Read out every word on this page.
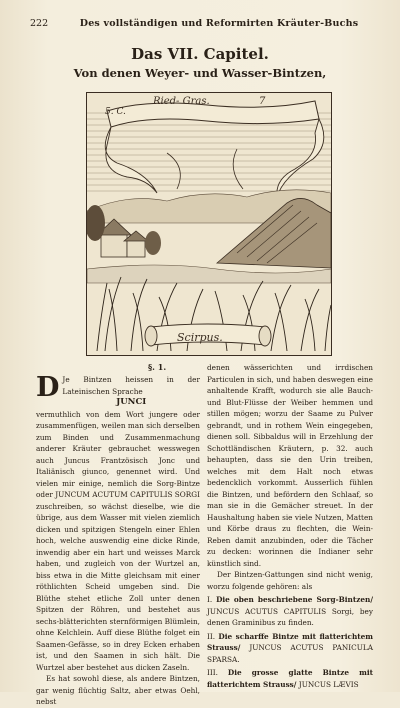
222	Des vollständigen und Reformirten Kräuter-Buchs
Das VII. Capitel.
Von denen Weyer- und Wasser-Bintzen,
5. C.
Ried- Gras.	7
Scirpus.
§. 1.

D Je Bintzen heissen in der Lateinischen Sprache

JUNCI

vermuthlich von dem Wort jungere oder zusammenfügen, weilen man sich derselben zum Binden und Zusammenmachung anderer Kräuter gebrauchet wesswegen auch Juncus Frantzösisch Jonc und Italiänisch giunco, genennet wird. Und vielen mir einige, nemlich die Sorg-Bintze oder JUNCUM ACUTUM CAPITULIS SORGI zuschreiben, so wächst dieselbe, wie die übrige, aus dem Wasser mit vielen ziemlich dicken und spitzigen Stengeln einer Ehlen hoch, welche auswendig eine dicke Rinde, inwendig aber ein hart und weisses Marck haben, und zugleich von der Wurtzel an, biss etwa in die Mitte gleichsam mit einer röthlichten Scheid umgeben sind. Die Blüthe stehet etliche Zoll unter denen Spitzen der Röhren, und bestehet aus sechs-blätterichten sternförmigen Blümlein, ohne Kelchlein. Auff diese Blüthe folget ein Saamen-Gefässe, so in drey Ecken erhaben ist, und den Saamen in sich hält. Die Wurtzel aber bestehet aus dicken Zaseln.

Es hat sowohl diese, als andere Bintzen, gar wenig flüchtig Saltz, aber etwas Oehl, nebst

denen wässerichten und irrdischen Particulen in sich, und haben deswegen eine anhaltende Krafft, wodurch sie alle Bauch- und Blut-Flüsse der Weiber hemmen und stillen mögen; worzu der Saame zu Pulver gebrandt, und in rothem Wein eingegeben, dienen soll. Sibbaldus will in Erzehlung der Schottländischen Kräutern, p. 32. auch behaupten, dass sie den Urin treiben, welches mit dem Halt noch etwas bedencklich vorkommt. Ausserlich fühlen die Bintzen, und befördern den Schlaaf, so man sie in die Gemächer streuet. In der Haushaltung haben sie viele Nutzen, Matten und Körbe draus zu flechten, die Wein-Reben damit anzubinden, oder die Tächer zu decken: worinnen die Indianer sehr künstlich sind.

Der Bintzen-Gattungen sind nicht wenig, worzu folgende gehören: als

I. Die oben beschriebene Sorg-Bintzen/ JUNCUS ACUTUS CAPITULIS Sorgi, bey denen Graminibus zu finden.

II. Die scharffe Bintze mit flatterichtem Strauss/ JUNCUS ACUTUS PANICULA SPARSA.

III. Die grosse glatte Bintze mit flatterichtem Strauss/ JUNCUS LÆVIS
